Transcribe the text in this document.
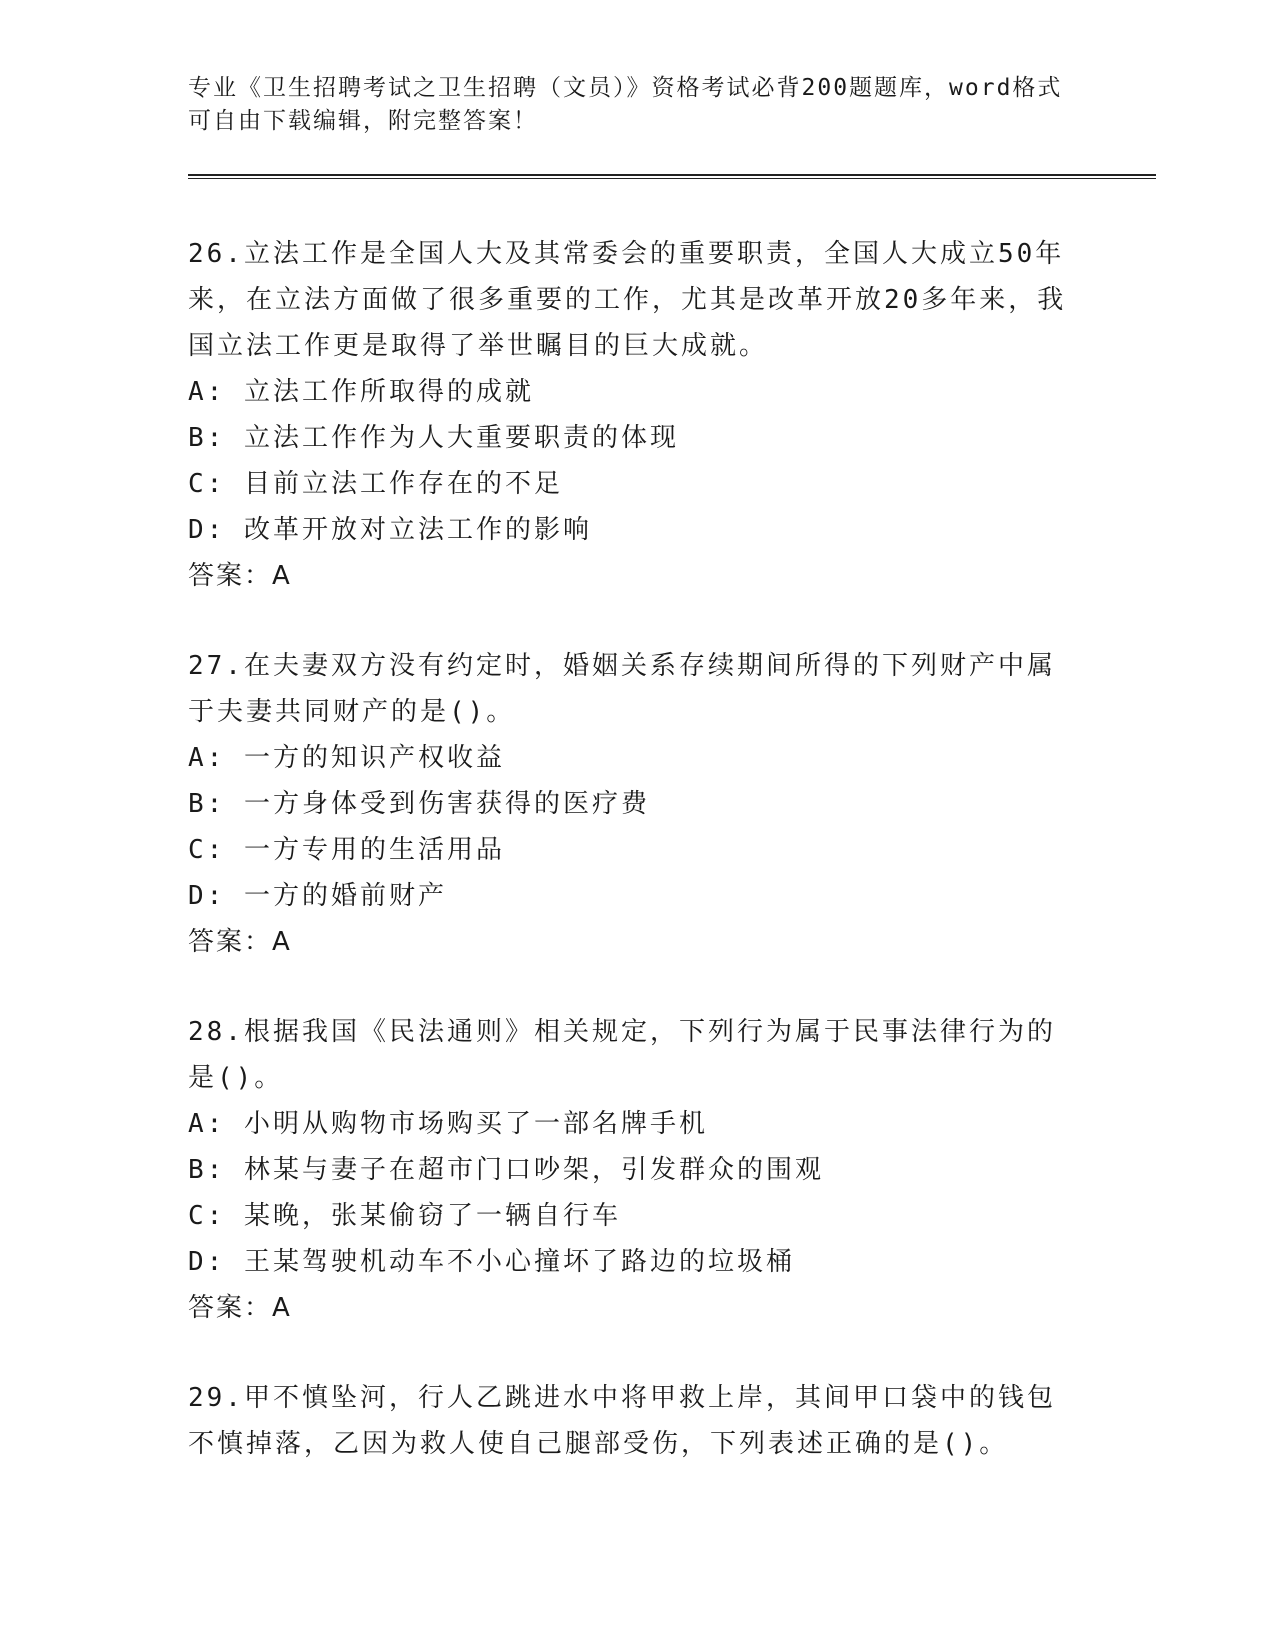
专业《卫生招聘考试之卫生招聘（文员）》资格考试必背200题题库，word格式可自由下载编辑，附完整答案！
26.立法工作是全国人大及其常委会的重要职责，全国人大成立50年来，在立法方面做了很多重要的工作，尤其是改革开放20多年来，我国立法工作更是取得了举世瞩目的巨大成就。
A: 立法工作所取得的成就
B: 立法工作作为人大重要职责的体现
C: 目前立法工作存在的不足
D: 改革开放对立法工作的影响
答案：A
27.在夫妻双方没有约定时，婚姻关系存续期间所得的下列财产中属于夫妻共同财产的是()。
A: 一方的知识产权收益
B: 一方身体受到伤害获得的医疗费
C: 一方专用的生活用品
D: 一方的婚前财产
答案：A
28.根据我国《民法通则》相关规定，下列行为属于民事法律行为的是()。
A: 小明从购物市场购买了一部名牌手机
B: 林某与妻子在超市门口吵架，引发群众的围观
C: 某晚，张某偷窃了一辆自行车
D: 王某驾驶机动车不小心撞坏了路边的垃圾桶
答案：A
29.甲不慎坠河，行人乙跳进水中将甲救上岸，其间甲口袋中的钱包不慎掉落，乙因为救人使自己腿部受伤，下列表述正确的是()。
